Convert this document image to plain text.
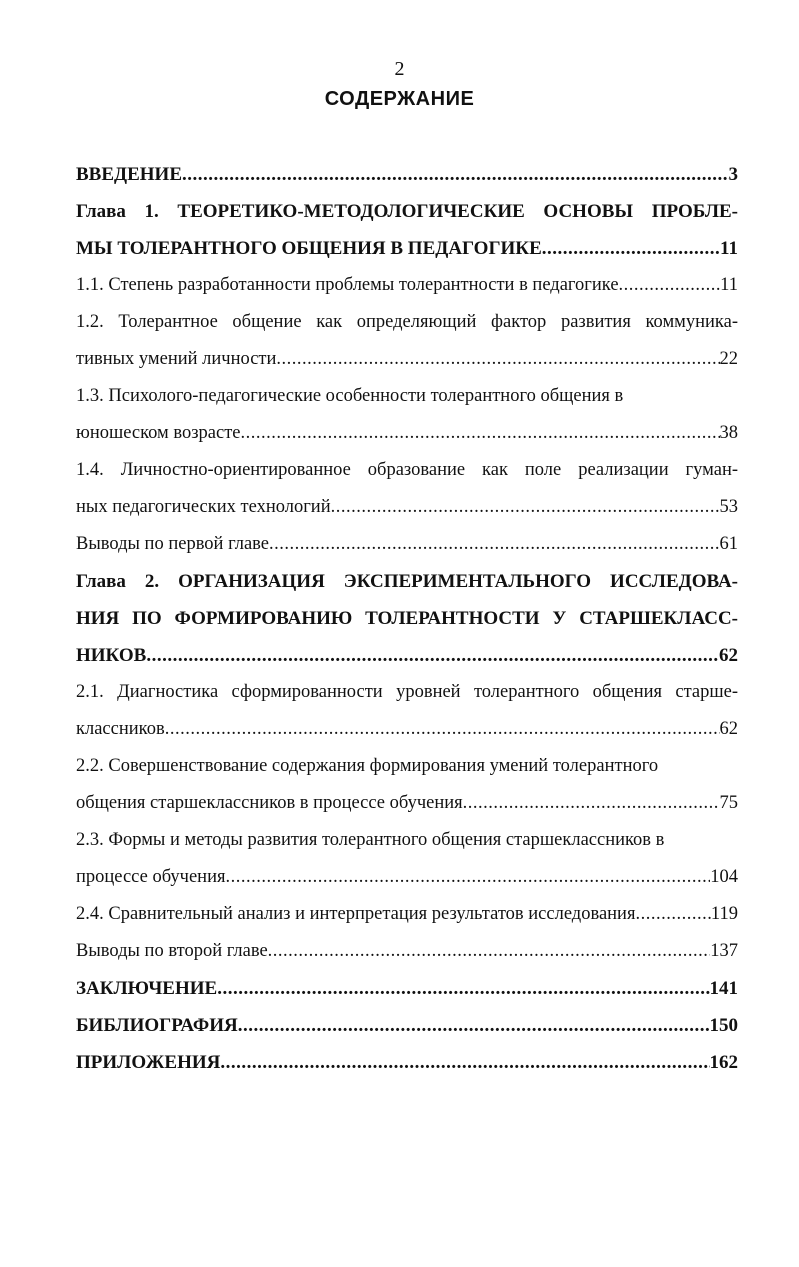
2
СОДЕРЖАНИЕ
ВВЕДЕНИЕ .....	3
Глава 1. ТЕОРЕТИКО-МЕТОДОЛОГИЧЕСКИЕ ОСНОВЫ ПРОБЛЕ-
МЫ ТОЛЕРАНТНОГО ОБЩЕНИЯ В ПЕДАГОГИКЕ .....	11
1.1. Степень разработанности проблемы толерантности в педагогике .....	11
1.2. Толерантное общение как определяющий фактор развития коммуника-
тивных умений личности .....	22
1.3. Психолого-педагогические особенности толерантного общения в
юношеском возрасте .....	38
1.4. Личностно-ориентированное образование как поле реализации гуман-
ных педагогических технологий .....	53
Выводы по первой главе .....	61
Глава 2. ОРГАНИЗАЦИЯ ЭКСПЕРИМЕНТАЛЬНОГО ИССЛЕДОВА-
НИЯ ПО ФОРМИРОВАНИЮ ТОЛЕРАНТНОСТИ У СТАРШЕКЛАСС-
НИКОВ .....	62
2.1. Диагностика сформированности уровней толерантного общения старше-
классников .....	62
2.2. Совершенствование содержания формирования умений толерантного
общения старшеклассников в процессе обучения .....	75
2.3. Формы и методы развития толерантного общения старшеклассников в
процессе обучения .....	104
2.4. Сравнительный анализ и интерпретация результатов исследования .....	119
Выводы по второй главе .....	137
ЗАКЛЮЧЕНИЕ .....	141
БИБЛИОГРАФИЯ .....	150
ПРИЛОЖЕНИЯ .....	162
